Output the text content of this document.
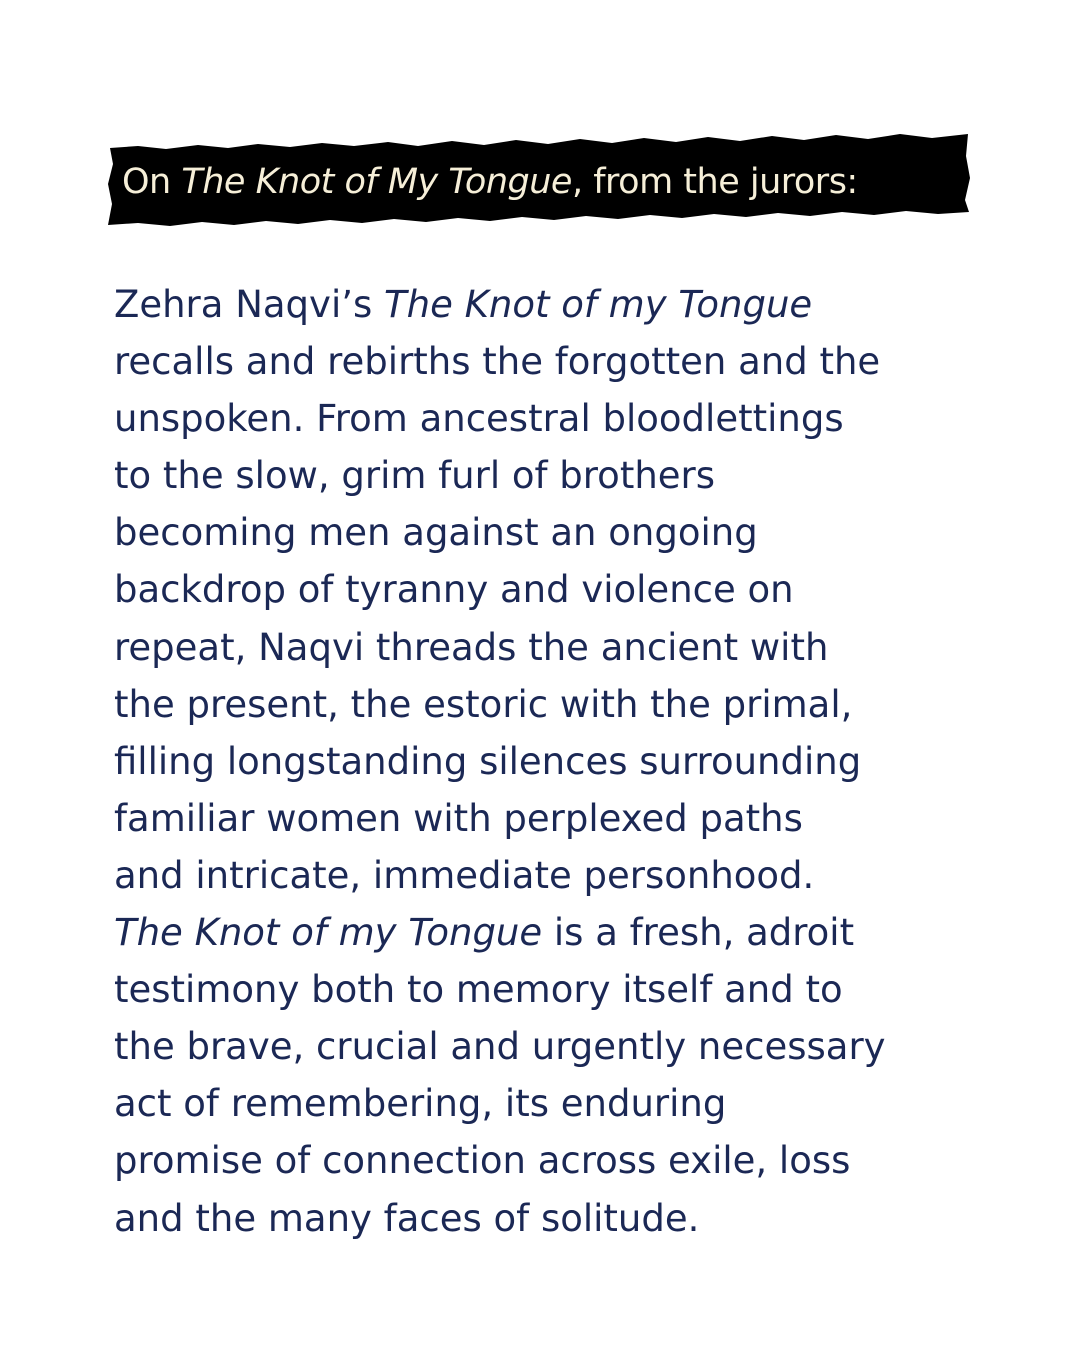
On The Knot of My Tongue, from the jurors:
Zehra Naqvi’s The Knot of my Tongue
recalls and rebirths the forgotten and the
unspoken. From ancestral bloodlettings
to the slow, grim furl of brothers
becoming men against an ongoing
backdrop of tyranny and violence on
repeat, Naqvi threads the ancient with
the present, the estoric with the primal,
filling longstanding silences surrounding
familiar women with perplexed paths
and intricate, immediate personhood.
The Knot of my Tongue is a fresh, adroit
testimony both to memory itself and to
the brave, crucial and urgently necessary
act of remembering, its enduring
promise of connection across exile, loss
and the many faces of solitude.
